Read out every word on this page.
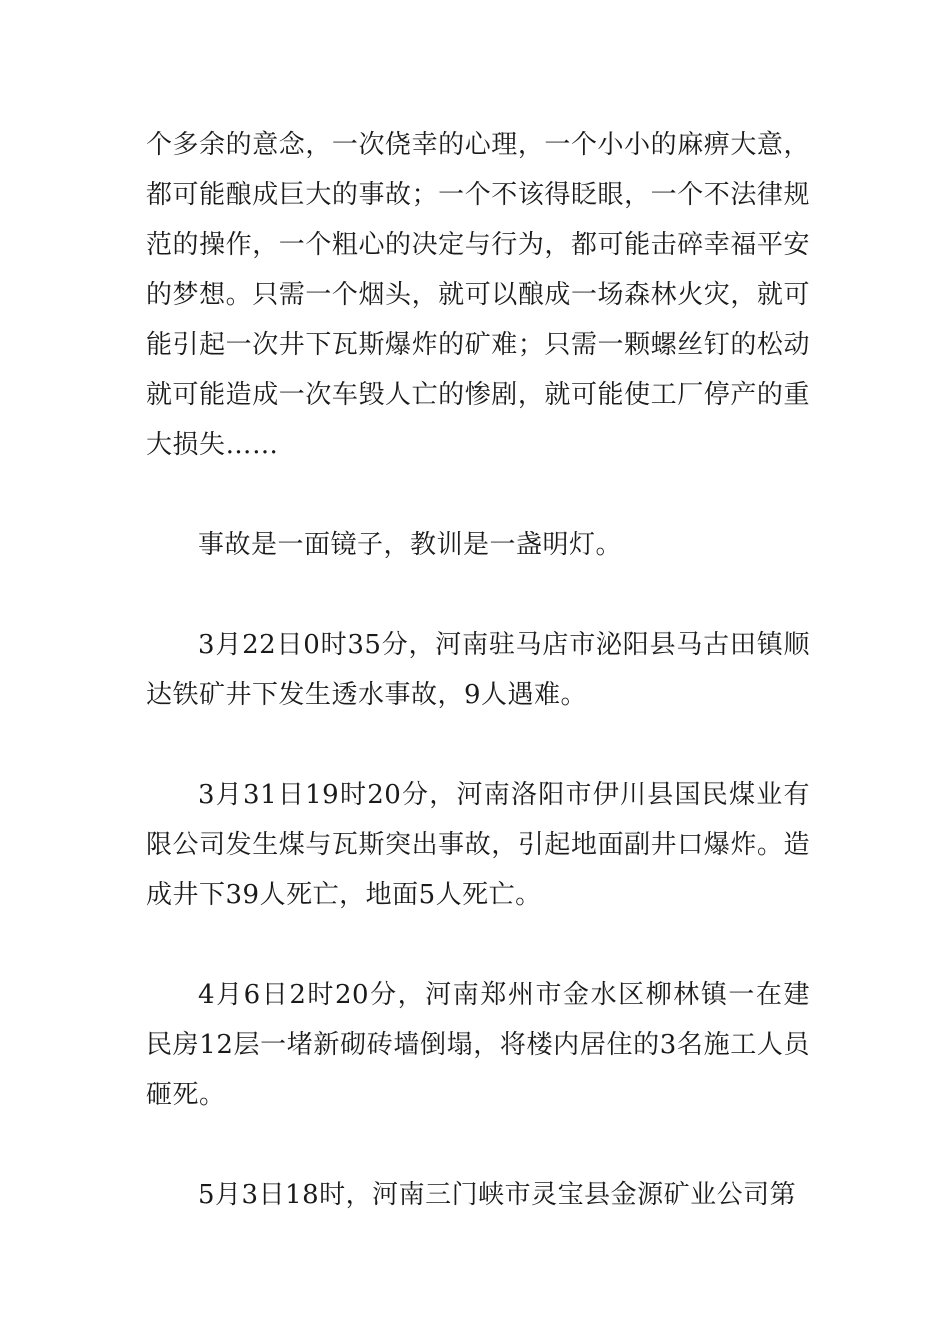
个多余的意念，一次侥幸的心理，一个小小的麻痹大意，都可能酿成巨大的事故；一个不该得眨眼，一个不法律规范的操作，一个粗心的决定与行为，都可能击碎幸福平安的梦想。只需一个烟头，就可以酿成一场森林火灾，就可能引起一次井下瓦斯爆炸的矿难；只需一颗螺丝钉的松动就可能造成一次车毁人亡的惨剧，就可能使工厂停产的重大损失……

事故是一面镜子，教训是一盏明灯。

3月22日0时35分，河南驻马店市泌阳县马古田镇顺达铁矿井下发生透水事故，9人遇难。

3月31日19时20分，河南洛阳市伊川县国民煤业有限公司发生煤与瓦斯突出事故，引起地面副井口爆炸。造成井下39人死亡，地面5人死亡。

4月6日2时20分，河南郑州市金水区柳林镇一在建民房12层一堵新砌砖墙倒塌，将楼内居住的3名施工人员砸死。

5月3日18时，河南三门峡市灵宝县金源矿业公司第
